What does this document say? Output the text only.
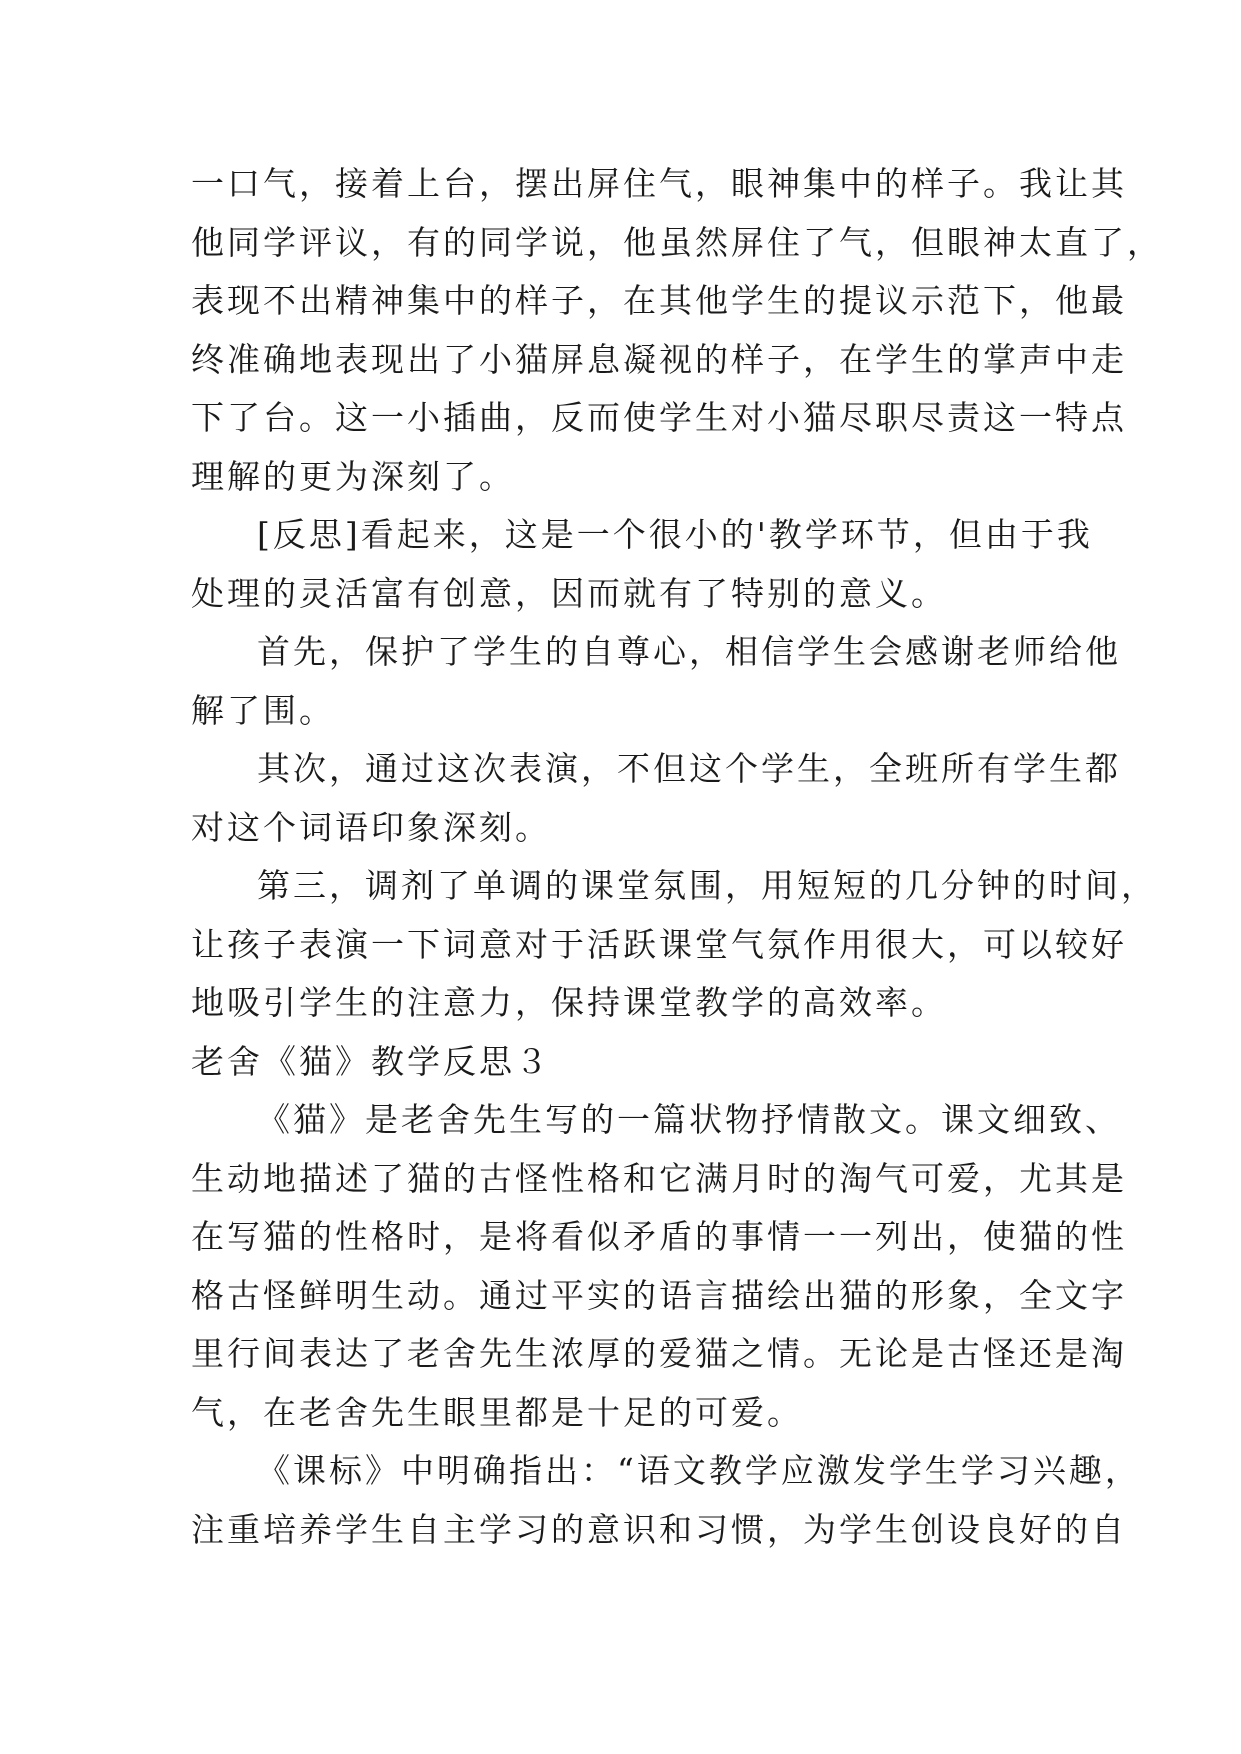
一口气，接着上台，摆出屏住气，眼神集中的样子。我让其
他同学评议，有的同学说，他虽然屏住了气，但眼神太直了，
表现不出精神集中的样子，在其他学生的提议示范下，他最
终准确地表现出了小猫屏息凝视的样子，在学生的掌声中走
下了台。这一小插曲，反而使学生对小猫尽职尽责这一特点
理解的更为深刻了。
[反思]看起来，这是一个很小的'教学环节，但由于我
处理的灵活富有创意，因而就有了特别的意义。
首先，保护了学生的自尊心，相信学生会感谢老师给他
解了围。
其次，通过这次表演，不但这个学生，全班所有学生都
对这个词语印象深刻。
第三，调剂了单调的课堂氛围，用短短的几分钟的时间，
让孩子表演一下词意对于活跃课堂气氛作用很大，可以较好
地吸引学生的注意力，保持课堂教学的高效率。
老舍《猫》教学反思３
《猫》是老舍先生写的一篇状物抒情散文。课文细致、
生动地描述了猫的古怪性格和它满月时的淘气可爱，尤其是
在写猫的性格时，是将看似矛盾的事情一一列出，使猫的性
格古怪鲜明生动。通过平实的语言描绘出猫的形象，全文字
里行间表达了老舍先生浓厚的爱猫之情。无论是古怪还是淘
气，在老舍先生眼里都是十足的可爱。
《课标》中明确指出：“语文教学应激发学生学习兴趣，
注重培养学生自主学习的意识和习惯，为学生创设良好的自
